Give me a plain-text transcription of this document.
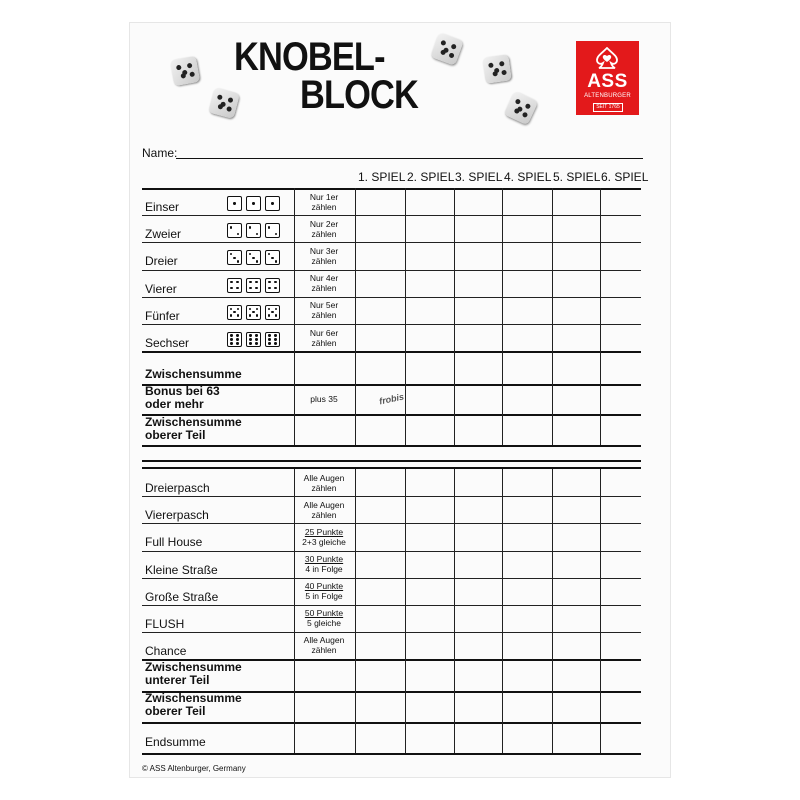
KNOBEL-
BLOCK	ASS
ALTENBURGER
SEIT 1765
Name:
1. SPIEL 2. SPIEL 3. SPIEL 4. SPIEL 5. SPIEL 6. SPIEL
Einser
Nur 1er
zählen
Zweier
Nur 2er
zählen
Dreier
Nur 3er
zählen
Vierer
Nur 4er
zählen
Fünfer
Nur 5er
zählen
Sechser
Nur 6er
zählen
Zwischensumme
Bonus bei 63
oder mehr	plus 35
Zwischensumme
oberer Teil
Dreierpasch
Alle Augen
zählen
Viererpasch
Alle Augen
zählen
Full House
25 Punkte
2+3 gleiche
Kleine Straße
30 Punkte
4 in Folge
Große Straße
40 Punkte
5 in Folge
FLUSH
50 Punkte
5 gleiche
Chance
Alle Augen
zählen
Zwischensumme
unterer Teil
Zwischensumme
oberer Teil
Endsumme
frobis
© ASS Altenburger, Germany
